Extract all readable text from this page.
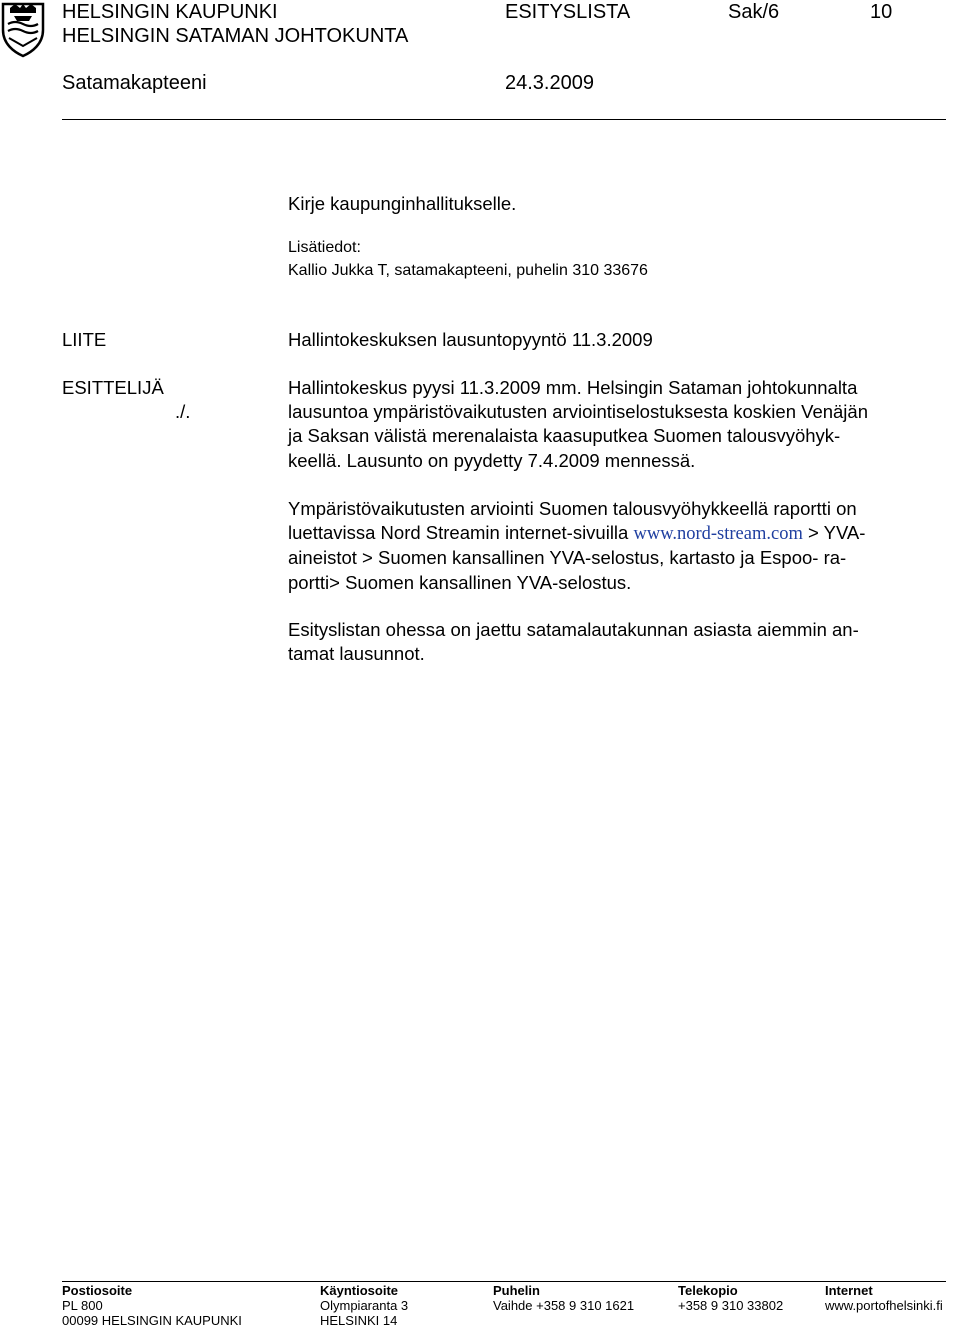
HELSINGIN KAUPUNKI
HELSINGIN SATAMAN JOHTOKUNTA
ESITYSLISTA	Sak/6	10
Satamakapteeni	24.3.2009
Kirje kaupunginhallitukselle.
Lisätiedot:
Kallio Jukka T, satamakapteeni, puhelin 310 33676
LIITE	Hallintokeskuksen lausuntopyyntö 11.3.2009
ESITTELIJÄ
./.
Hallintokeskus pyysi 11.3.2009 mm. Helsingin Sataman johtokunnalta
lausuntoa ympäristövaikutusten arviointiselostuksesta koskien Venäjän
ja Saksan välistä merenalaista kaasuputkea Suomen talousvyöhyk-
keellä. Lausunto on pyydetty 7.4.2009 mennessä.
Ympäristövaikutusten arviointi Suomen talousvyöhykkeellä raportti on
luettavissa Nord Streamin internet-sivuilla www.nord-stream.com > YVA-
aineistot > Suomen kansallinen YVA-selostus, kartasto ja Espoo- ra-
portti> Suomen kansallinen YVA-selostus.
Esityslistan ohessa on jaettu satamalautakunnan asiasta aiemmin an-
tamat lausunnot.
Postiosoite
PL 800
00099 HELSINGIN KAUPUNKI
Käyntiosoite
Olympiaranta 3
HELSINKI 14
Puhelin
Vaihde +358 9 310 1621
Telekopio
+358 9 310 33802
Internet
www.portofhelsinki.fi
